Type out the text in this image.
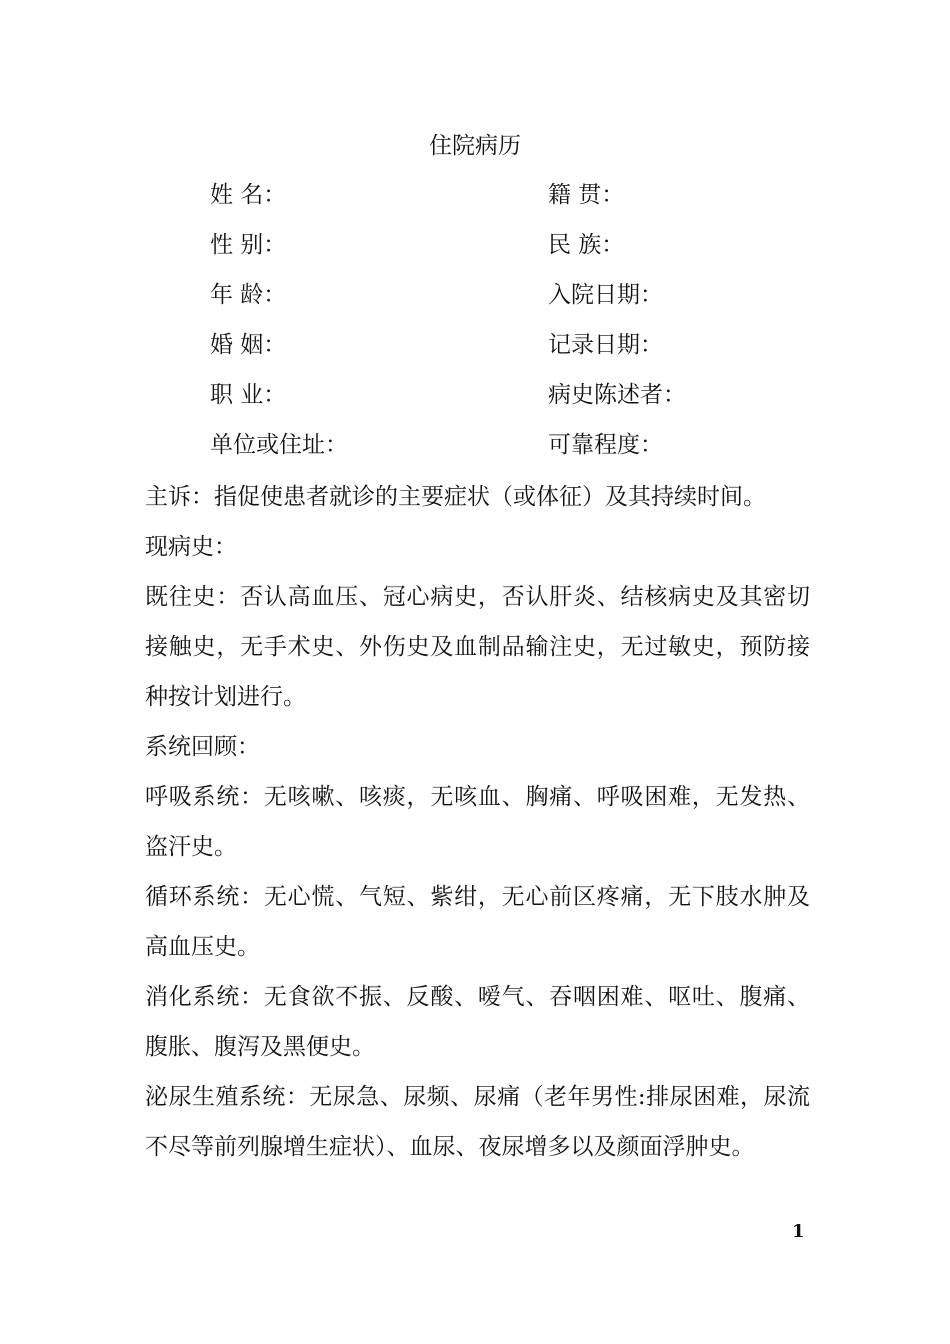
住院病历
姓 名：	籍 贯：
性 别：	民 族：
年 龄：	入院日期：
婚 姻：	记录日期：
职 业：	病史陈述者：
单位或住址：	可靠程度：

主诉：指促使患者就诊的主要症状（或体征）及其持续时间。

现病史：

既往史：否认高血压、冠心病史，否认肝炎、结核病史及其密切接触史，无手术史、外伤史及血制品输注史，无过敏史，预防接种按计划进行。

系统回顾：

呼吸系统：无咳嗽、咳痰，无咳血、胸痛、呼吸困难，无发热、盗汗史。

循环系统：无心慌、气短、紫绀，无心前区疼痛，无下肢水肿及高血压史。

消化系统：无食欲不振、反酸、嗳气、吞咽困难、呕吐、腹痛、腹胀、腹泻及黑便史。

泌尿生殖系统：无尿急、尿频、尿痛（老年男性:排尿困难，尿流不尽等前列腺增生症状）、血尿、夜尿增多以及颜面浮肿史。

1
